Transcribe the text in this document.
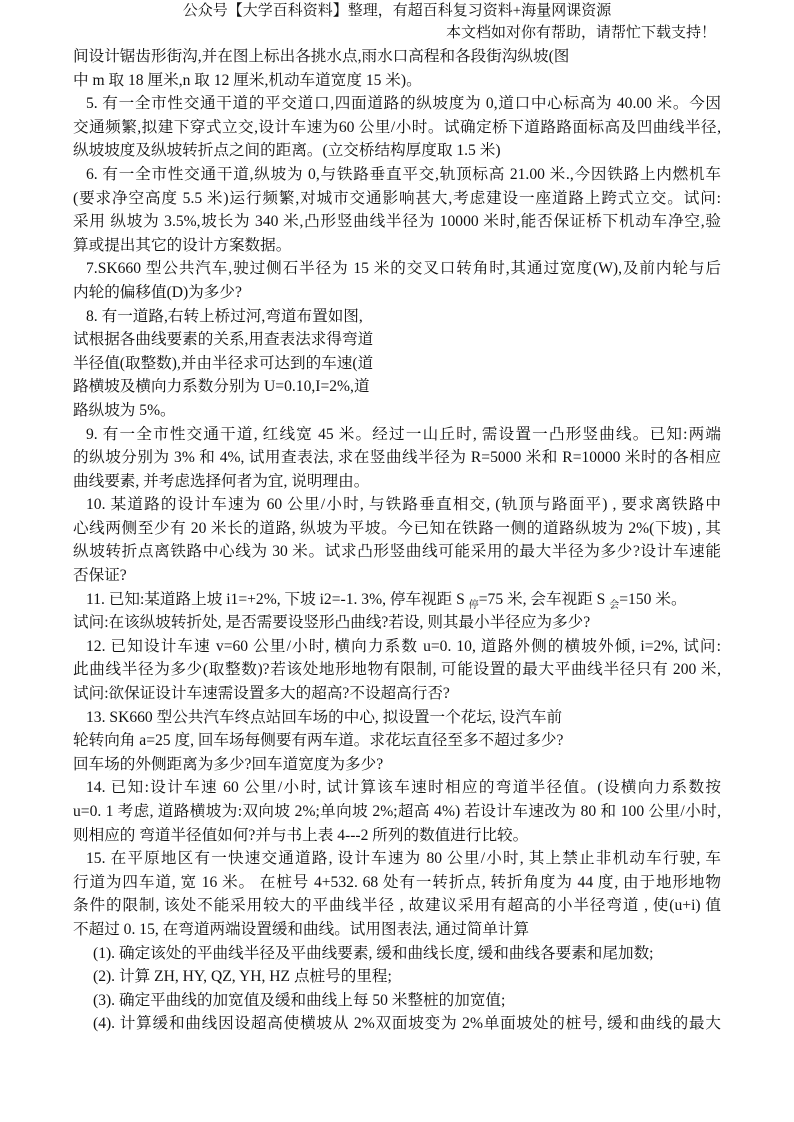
公众号【大学百科资料】整理，有超百科复习资料+海量网课资源
本文档如对你有帮助，请帮忙下载支持！
间设计锯齿形街沟,并在图上标出各挑水点,雨水口高程和各段街沟纵坡(图
中 m 取 18 厘米,n 取 12 厘米,机动车道宽度 15 米)。
5. 有一全市性交通干道的平交道口,四面道路的纵坡度为 0,道口中心标高为 40.00 米。今因
交通频繁,拟建下穿式立交,设计车速为60 公里/小时。试确定桥下道路路面标高及凹曲线半径,
纵坡坡度及纵坡转折点之间的距离。(立交桥结构厚度取 1.5 米)
6. 有一全市性交通干道,纵坡为 0,与铁路垂直平交,轨顶标高 21.00 米.,今因铁路上内燃机车
(要求净空高度 5.5 米)运行频繁,对城市交通影响甚大,考虑建设一座道路上跨式立交。试问:
采用 纵坡为 3.5%,坡长为 340 米,凸形竖曲线半径为 10000 米时,能否保证桥下机动车净空,验
算或提出其它的设计方案数据。
7.SK660 型公共汽车,驶过侧石半径为 15 米的交叉口转角时,其通过宽度(W),及前内轮与后
内轮的偏移值(D)为多少?
8. 有一道路,右转上桥过河,弯道布置如图,
试根据各曲线要素的关系,用查表法求得弯道
半径值(取整数),并由半径求可达到的车速(道
路横坡及横向力系数分别为 U=0.10,I=2%,道
路纵坡为 5%。
9. 有一全市性交通干道, 红线宽 45 米。经过一山丘时, 需设置一凸形竖曲线。已知:两端
的纵坡分别为 3% 和 4%, 试用查表法, 求在竖曲线半径为 R=5000 米和 R=10000 米时的各相应
曲线要素, 并考虑选择何者为宜, 说明理由。
10. 某道路的设计车速为 60 公里/小时, 与铁路垂直相交, (轨顶与路面平) , 要求离铁路中
心线两侧至少有 20 米长的道路, 纵坡为平坡。今已知在铁路一侧的道路纵坡为 2%(下坡) , 其
纵坡转折点离铁路中心线为 30 米。试求凸形竖曲线可能采用的最大半径为多少?设计车速能
否保证?
11. 已知:某道路上坡 i1=+2%, 下坡 i2=-1. 3%, 停车视距 S $_停$=75 米, 会车视距 S $_会$=150 米。
试问:在该纵坡转折处, 是否需要设竖形凸曲线?若设, 则其最小半径应为多少?
12. 已知设计车速 v=60 公里/小时, 横向力系数 u=0. 10, 道路外侧的横坡外倾, i=2%, 试问:
此曲线半径为多少(取整数)?若该处地形地物有限制, 可能设置的最大平曲线半径只有 200 米,
试问:欲保证设计车速需设置多大的超高?不设超高行否?
13. SK660 型公共汽车终点站回车场的中心, 拟设置一个花坛, 设汽车前
轮转向角 a=25 度, 回车场每侧要有两车道。求花坛直径至多不超过多少?
回车场的外侧距离为多少?回车道宽度为多少?
14. 已知:设计车速 60 公里/小时, 试计算该车速时相应的弯道半径值。(设横向力系数按
u=0. 1 考虑, 道路横坡为:双向坡 2%;单向坡 2%;超高 4%) 若设计车速改为 80 和 100 公里/小时,
则相应的 弯道半径值如何?并与书上表 4---2 所列的数值进行比较。
15. 在平原地区有一快速交通道路, 设计车速为 80 公里/小时, 其上禁止非机动车行驶, 车
行道为四车道, 宽 16 米。 在桩号 4+532. 68 处有一转折点, 转折角度为 44 度, 由于地形地物
条件的限制, 该处不能采用较大的平曲线半径 , 故建议采用有超高的小半径弯道 , 使(u+i) 值
不超过 0. 15, 在弯道两端设置缓和曲线。试用图表法, 通过简单计算
(1). 确定该处的平曲线半径及平曲线要素, 缓和曲线长度, 缓和曲线各要素和尾加数;
(2). 计算 ZH, HY, QZ, YH, HZ 点桩号的里程;
(3). 确定平曲线的加宽值及缓和曲线上每 50 米整桩的加宽值;
(4). 计算缓和曲线因设超高使横坡从 2%双面坡变为 2%单面坡处的桩号, 缓和曲线的最大
